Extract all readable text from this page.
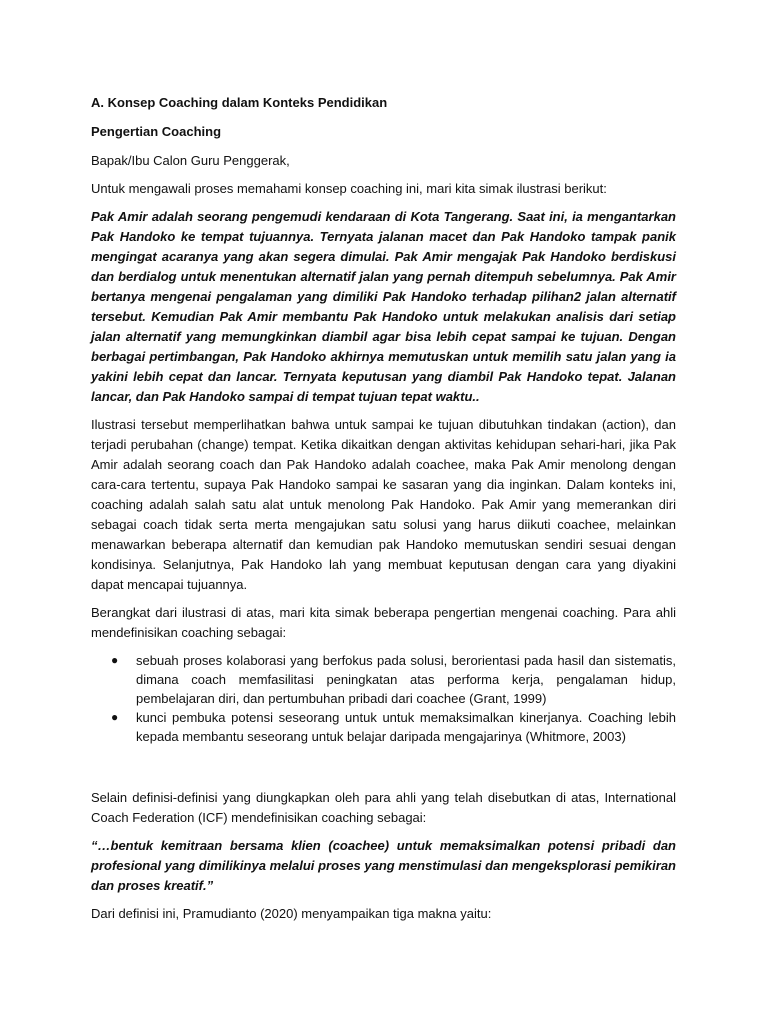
A. Konsep Coaching dalam Konteks Pendidikan
Pengertian Coaching

Bapak/Ibu Calon Guru Penggerak,

Untuk mengawali proses memahami konsep coaching ini, mari kita simak ilustrasi berikut:

Pak Amir adalah seorang pengemudi kendaraan di Kota Tangerang. Saat ini, ia mengantarkan Pak Handoko ke tempat tujuannya. Ternyata jalanan macet dan Pak Handoko tampak panik mengingat acaranya yang akan segera dimulai. Pak Amir mengajak Pak Handoko berdiskusi dan berdialog untuk menentukan alternatif jalan yang pernah ditempuh sebelumnya. Pak Amir bertanya mengenai pengalaman yang dimiliki Pak Handoko terhadap pilihan2 jalan alternatif tersebut. Kemudian Pak Amir membantu Pak Handoko untuk melakukan analisis dari setiap jalan alternatif yang memungkinkan diambil agar bisa lebih cepat sampai ke tujuan. Dengan berbagai pertimbangan, Pak Handoko akhirnya memutuskan untuk memilih satu jalan yang ia yakini lebih cepat dan lancar. Ternyata keputusan yang diambil Pak Handoko tepat. Jalanan lancar, dan Pak Handoko sampai di tempat tujuan tepat waktu..

Ilustrasi tersebut memperlihatkan bahwa untuk sampai ke tujuan dibutuhkan tindakan (action), dan terjadi perubahan (change) tempat. Ketika dikaitkan dengan aktivitas kehidupan sehari-hari, jika Pak Amir adalah seorang coach dan Pak Handoko adalah coachee, maka Pak Amir menolong dengan cara-cara tertentu, supaya Pak Handoko sampai ke sasaran yang dia inginkan. Dalam konteks ini, coaching adalah salah satu alat untuk menolong Pak Handoko. Pak Amir yang memerankan diri sebagai coach tidak serta merta mengajukan satu solusi yang harus diikuti coachee, melainkan menawarkan beberapa alternatif dan kemudian pak Handoko memutuskan sendiri sesuai dengan kondisinya. Selanjutnya, Pak Handoko lah yang membuat keputusan dengan cara yang diyakini dapat mencapai tujuannya.

Berangkat dari ilustrasi di atas, mari kita simak beberapa pengertian mengenai coaching. Para ahli mendefinisikan coaching sebagai:

● sebuah proses kolaborasi yang berfokus pada solusi, berorientasi pada hasil dan sistematis, dimana coach memfasilitasi peningkatan atas performa kerja, pengalaman hidup, pembelajaran diri, dan pertumbuhan pribadi dari coachee (Grant, 1999)
● kunci pembuka potensi seseorang untuk untuk memaksimalkan kinerjanya. Coaching lebih kepada membantu seseorang untuk belajar daripada mengajarinya (Whitmore, 2003)

Selain definisi-definisi yang diungkapkan oleh para ahli yang telah disebutkan di atas, International Coach Federation (ICF) mendefinisikan coaching sebagai:

“…bentuk kemitraan bersama klien (coachee) untuk memaksimalkan potensi pribadi dan profesional yang dimilikinya melalui proses yang menstimulasi dan mengeksplorasi pemikiran dan proses kreatif.”

Dari definisi ini, Pramudianto (2020) menyampaikan tiga makna yaitu:
